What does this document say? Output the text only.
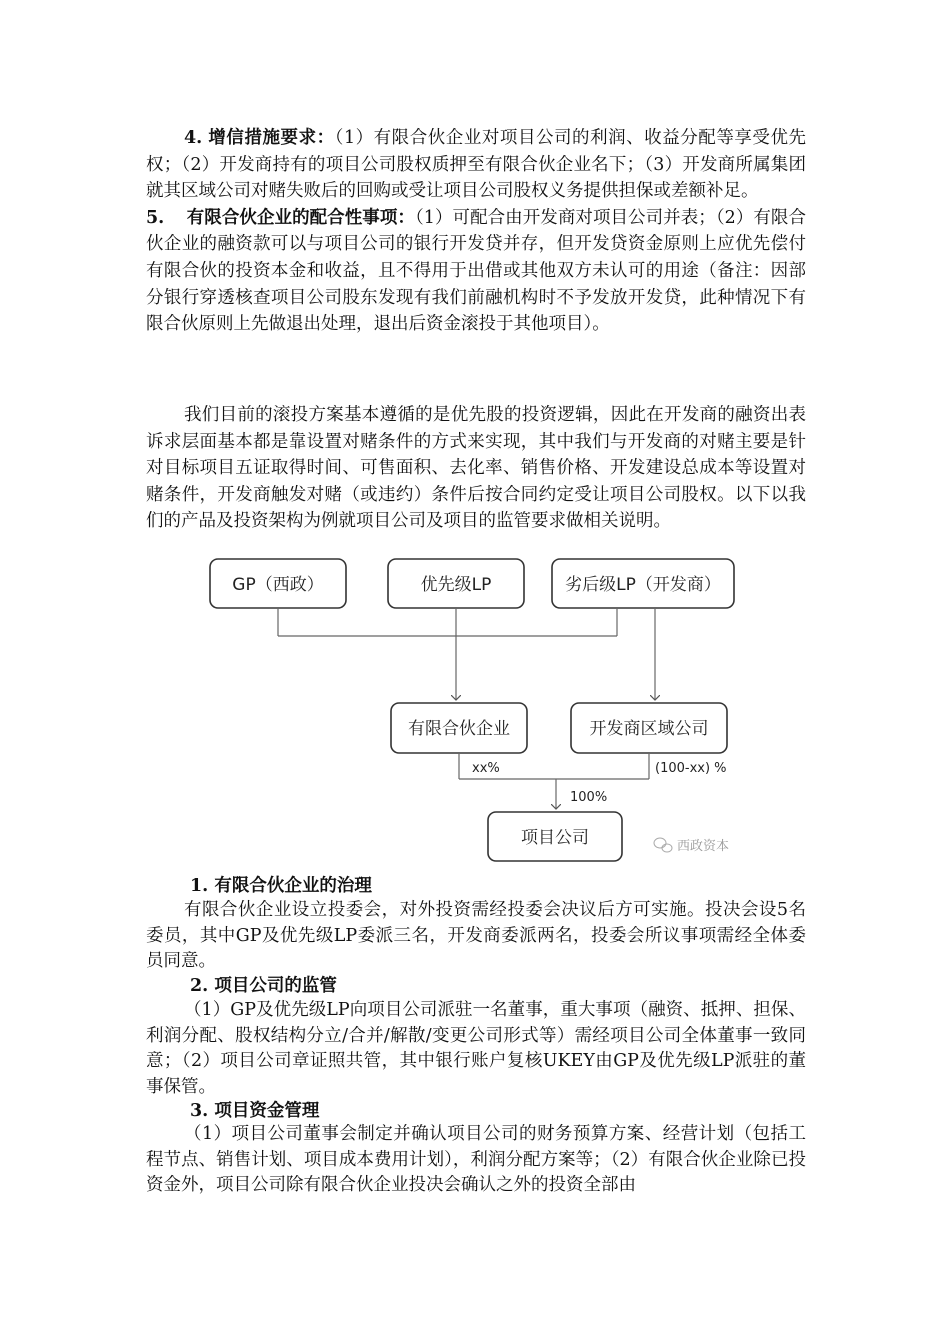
4. 增信措施要求：（1）有限合伙企业对项目公司的利润、收益分配等享受优先权；（2）开发商持有的项目公司股权质押至有限合伙企业名下；（3）开发商所属集团就其区域公司对赌失败后的回购或受让项目公司股权义务提供担保或差额补足。

5. 有限合伙企业的配合性事项：（1）可配合由开发商对项目公司并表；（2）有限合伙企业的融资款可以与项目公司的银行开发贷并存，但开发贷资金原则上应优先偿付有限合伙的投资本金和收益，且不得用于出借或其他双方未认可的用途（备注：因部分银行穿透核查项目公司股东发现有我们前融机构时不予发放开发贷，此种情况下有限合伙原则上先做退出处理，退出后资金滚投于其他项目）。

我们目前的滚投方案基本遵循的是优先股的投资逻辑，因此在开发商的融资出表诉求层面基本都是靠设置对赌条件的方式来实现，其中我们与开发商的对赌主要是针对目标项目五证取得时间、可售面积、去化率、销售价格、开发建设总成本等设置对赌条件，开发商触发对赌（或违约）条件后按合同约定受让项目公司股权。以下以我们的产品及投资架构为例就项目公司及项目的监管要求做相关说明。

GP（西政）	优先级LP	劣后级LP（开发商）
有限合伙企业	开发商区域公司
xx%	(100-xx) %
100%
项目公司	西政资本
1. 有限合伙企业的治理

有限合伙企业设立投委会，对外投资需经投委会决议后方可实施。投决会设5名委员，其中GP及优先级LP委派三名，开发商委派两名，投委会所议事项需经全体委员同意。

2. 项目公司的监管

（1）GP及优先级LP向项目公司派驻一名董事，重大事项（融资、抵押、担保、利润分配、股权结构分立/合并/解散/变更公司形式等）需经项目公司全体董事一致同意；（2）项目公司章证照共管，其中银行账户复核UKEY由GP及优先级LP派驻的董事保管。

3. 项目资金管理

（1）项目公司董事会制定并确认项目公司的财务预算方案、经营计划（包括工程节点、销售计划、项目成本费用计划），利润分配方案等；（2）有限合伙企业除已投资金外，项目公司除有限合伙企业投决会确认之外的投资全部由
